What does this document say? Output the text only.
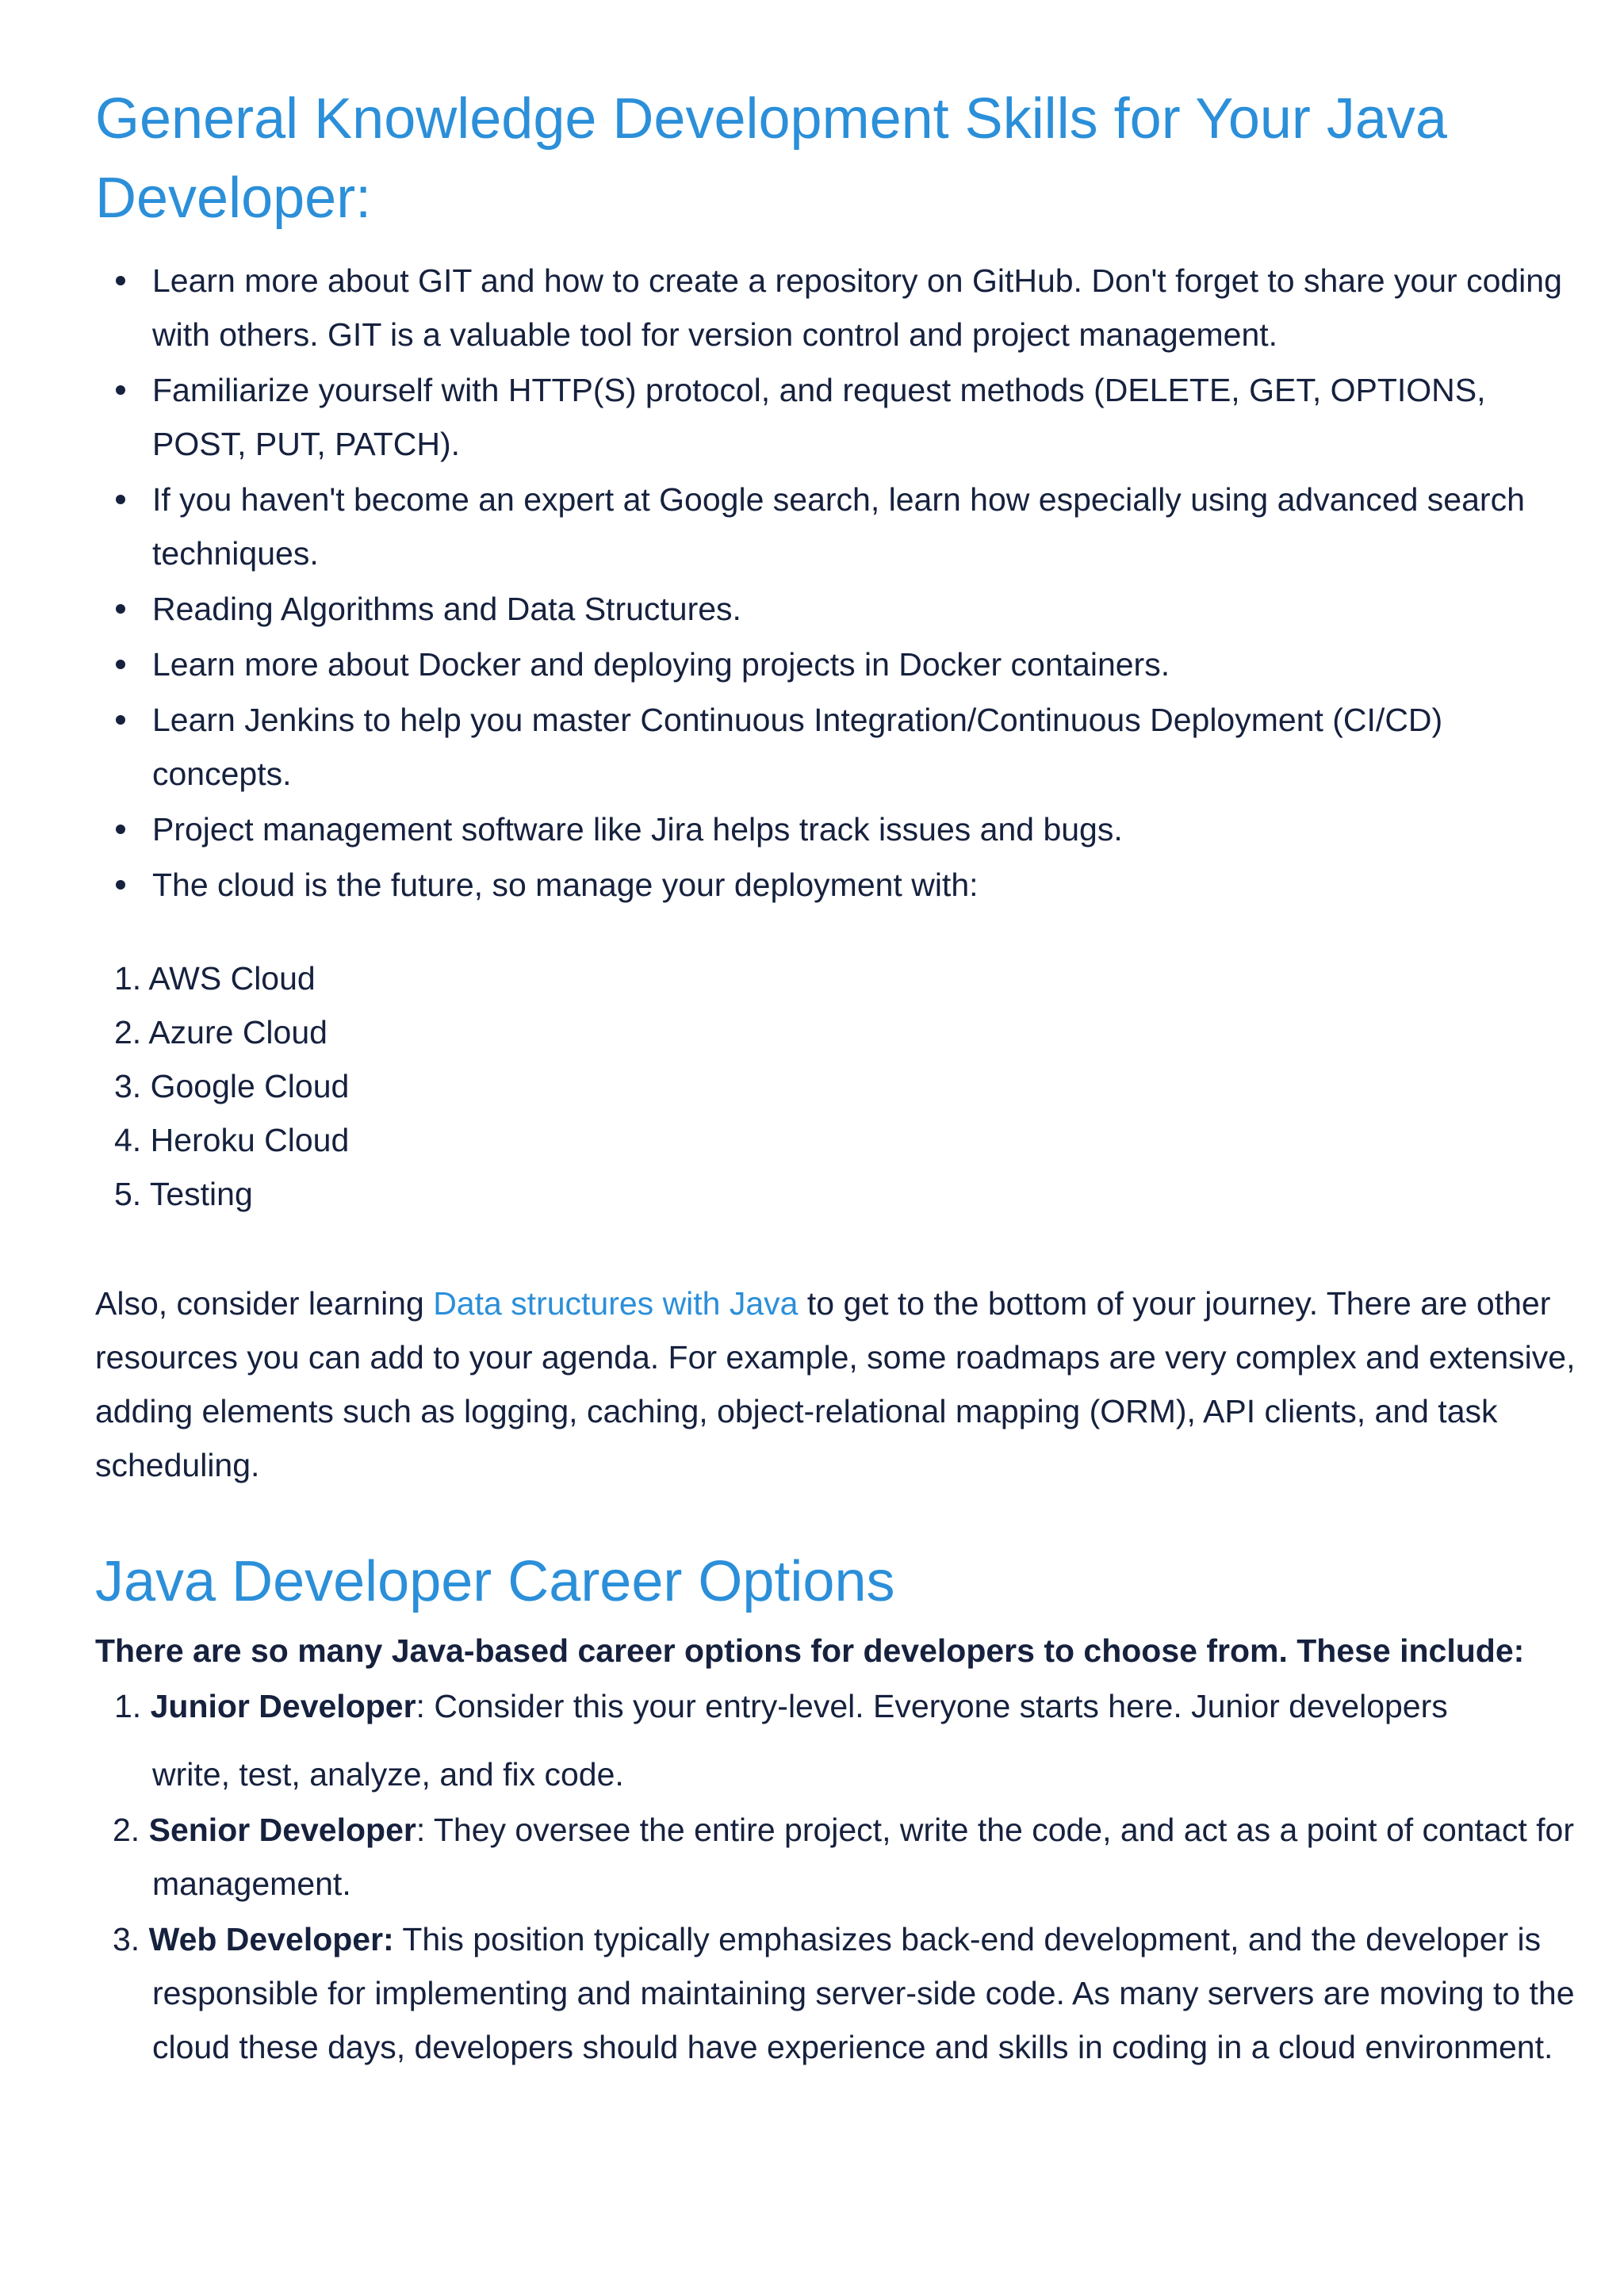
General Knowledge Development Skills for Your Java Developer:
Learn more about GIT and how to create a repository on GitHub. Don't forget to share your coding with others. GIT is a valuable tool for version control and project management.
Familiarize yourself with HTTP(S) protocol, and request methods (DELETE, GET, OPTIONS, POST, PUT, PATCH).
If you haven't become an expert at Google search, learn how especially using advanced search techniques.
Reading Algorithms and Data Structures.
Learn more about Docker and deploying projects in Docker containers.
Learn Jenkins to help you master Continuous Integration/Continuous Deployment (CI/CD) concepts.
Project management software like Jira helps track issues and bugs.
The cloud is the future, so manage your deployment with:
1. AWS Cloud
2. Azure Cloud
3. Google Cloud
4. Heroku Cloud
5. Testing

Also, consider learning Data structures with Java to get to the bottom of your journey. There are other resources you can add to your agenda. For example, some roadmaps are very complex and extensive, adding elements such as logging, caching, object-relational mapping (ORM), API clients, and task scheduling.

Java Developer Career Options

There are so many Java-based career options for developers to choose from. These include:

1. Junior Developer: Consider this your entry-level. Everyone starts here. Junior developers
write, test, analyze, and fix code.
2. Senior Developer: They oversee the entire project, write the code, and act as a point of contact for management.
3. Web Developer: This position typically emphasizes back-end development, and the developer is responsible for implementing and maintaining server-side code. As many servers are moving to the cloud these days, developers should have experience and skills in coding in a cloud environment.
